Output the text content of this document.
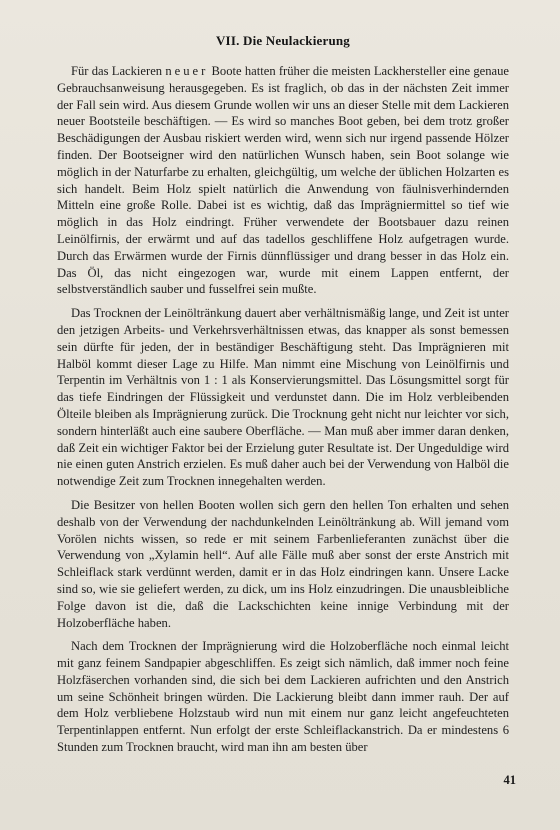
VII. Die Neulackierung

Für das Lackieren neuer Boote hatten früher die meisten Lackhersteller eine genaue Gebrauchsanweisung herausgegeben. Es ist fraglich, ob das in der nächsten Zeit immer der Fall sein wird. Aus diesem Grunde wollen wir uns an dieser Stelle mit dem Lackieren neuer Bootsteile beschäftigen. — Es wird so manches Boot geben, bei dem trotz großer Beschädigungen der Ausbau riskiert werden wird, wenn sich nur irgend passende Hölzer finden. Der Bootseigner wird den natürlichen Wunsch haben, sein Boot solange wie möglich in der Naturfarbe zu erhalten, gleichgültig, um welche der üblichen Holzarten es sich handelt. Beim Holz spielt natürlich die Anwendung von fäulnisverhindernden Mitteln eine große Rolle. Dabei ist es wichtig, daß das Imprägniermittel so tief wie möglich in das Holz eindringt. Früher verwendete der Bootsbauer dazu reinen Leinölfirnis, der erwärmt und auf das tadellos geschliffene Holz aufgetragen wurde. Durch das Erwärmen wurde der Firnis dünnflüssiger und drang besser in das Holz ein. Das Öl, das nicht eingezogen war, wurde mit einem Lappen entfernt, der selbstverständlich sauber und fusselfrei sein mußte.

Das Trocknen der Leinöltränkung dauert aber verhältnismäßig lange, und Zeit ist unter den jetzigen Arbeits- und Verkehrsverhältnissen etwas, das knapper als sonst bemessen sein dürfte für jeden, der in beständiger Beschäftigung steht. Das Imprägnieren mit Halböl kommt dieser Lage zu Hilfe. Man nimmt eine Mischung von Leinölfirnis und Terpentin im Verhältnis von 1 : 1 als Konservierungsmittel. Das Lösungsmittel sorgt für das tiefe Eindringen der Flüssigkeit und verdunstet dann. Die im Holz verbleibenden Ölteile bleiben als Imprägnierung zurück. Die Trocknung geht nicht nur leichter vor sich, sondern hinterläßt auch eine saubere Oberfläche. — Man muß aber immer daran denken, daß Zeit ein wichtiger Faktor bei der Erzielung guter Resultate ist. Der Ungeduldige wird nie einen guten Anstrich erzielen. Es muß daher auch bei der Verwendung von Halböl die notwendige Zeit zum Trocknen innegehalten werden.

Die Besitzer von hellen Booten wollen sich gern den hellen Ton erhalten und sehen deshalb von der Verwendung der nachdunkelnden Leinöltränkung ab. Will jemand vom Vorölen nichts wissen, so rede er mit seinem Farbenlieferanten zunächst über die Verwendung von „Xylamin hell“. Auf alle Fälle muß aber sonst der erste Anstrich mit Schleiflack stark verdünnt werden, damit er in das Holz eindringen kann. Unsere Lacke sind so, wie sie geliefert werden, zu dick, um ins Holz einzudringen. Die unausbleibliche Folge davon ist die, daß die Lackschichten keine innige Verbindung mit der Holzoberfläche haben.

Nach dem Trocknen der Imprägnierung wird die Holzoberfläche noch einmal leicht mit ganz feinem Sandpapier abgeschliffen. Es zeigt sich nämlich, daß immer noch feine Holzfäserchen vorhanden sind, die sich bei dem Lackieren aufrichten und den Anstrich um seine Schönheit bringen würden. Die Lackierung bleibt dann immer rauh. Der auf dem Holz verbliebene Holzstaub wird nun mit einem nur ganz leicht angefeuchteten Terpentinlappen entfernt. Nun erfolgt der erste Schleiflackanstrich. Da er mindestens 6 Stunden zum Trocknen braucht, wird man ihn am besten über

41
